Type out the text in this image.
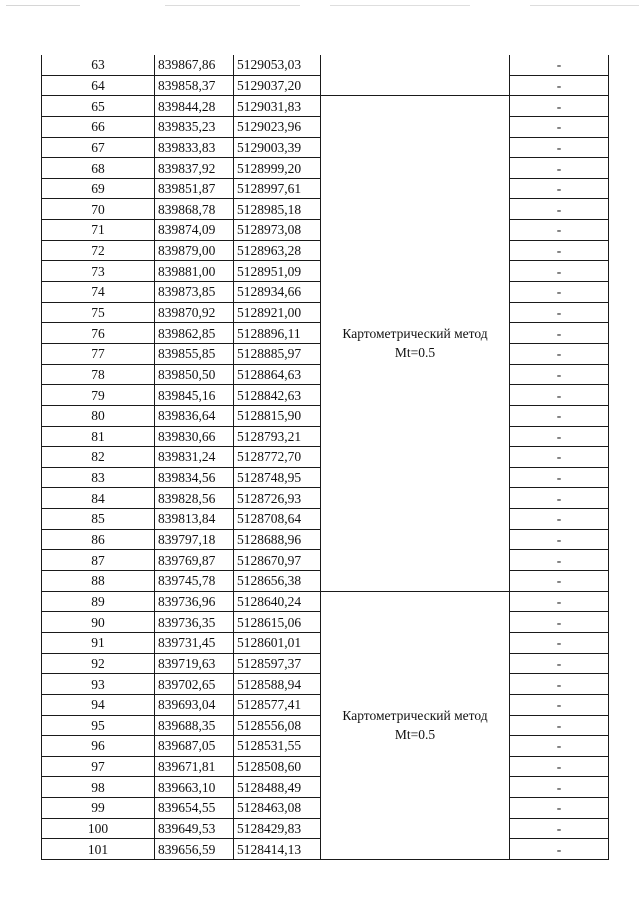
63	839867,86	5129053,03		-
64	839858,37	5129037,20		-
65	839844,28	5129031,83	Картометрический метод
Mt=0.5	-
66	839835,23	5129023,96		-
67	839833,83	5129003,39		-
68	839837,92	5128999,20		-
69	839851,87	5128997,61		-
70	839868,78	5128985,18		-
71	839874,09	5128973,08		-
72	839879,00	5128963,28		-
73	839881,00	5128951,09		-
74	839873,85	5128934,66		-
75	839870,92	5128921,00		-
76	839862,85	5128896,11		-
77	839855,85	5128885,97		-
78	839850,50	5128864,63		-
79	839845,16	5128842,63		-
80	839836,64	5128815,90		-
81	839830,66	5128793,21		-
82	839831,24	5128772,70		-
83	839834,56	5128748,95		-
84	839828,56	5128726,93		-
85	839813,84	5128708,64		-
86	839797,18	5128688,96		-
87	839769,87	5128670,97		-
88	839745,78	5128656,38		-
89	839736,96	5128640,24	Картометрический метод
Mt=0.5	-
90	839736,35	5128615,06		-
91	839731,45	5128601,01		-
92	839719,63	5128597,37		-
93	839702,65	5128588,94		-
94	839693,04	5128577,41		-
95	839688,35	5128556,08		-
96	839687,05	5128531,55		-
97	839671,81	5128508,60		-
98	839663,10	5128488,49		-
99	839654,55	5128463,08		-
100	839649,53	5128429,83		-
101	839656,59	5128414,13		-
